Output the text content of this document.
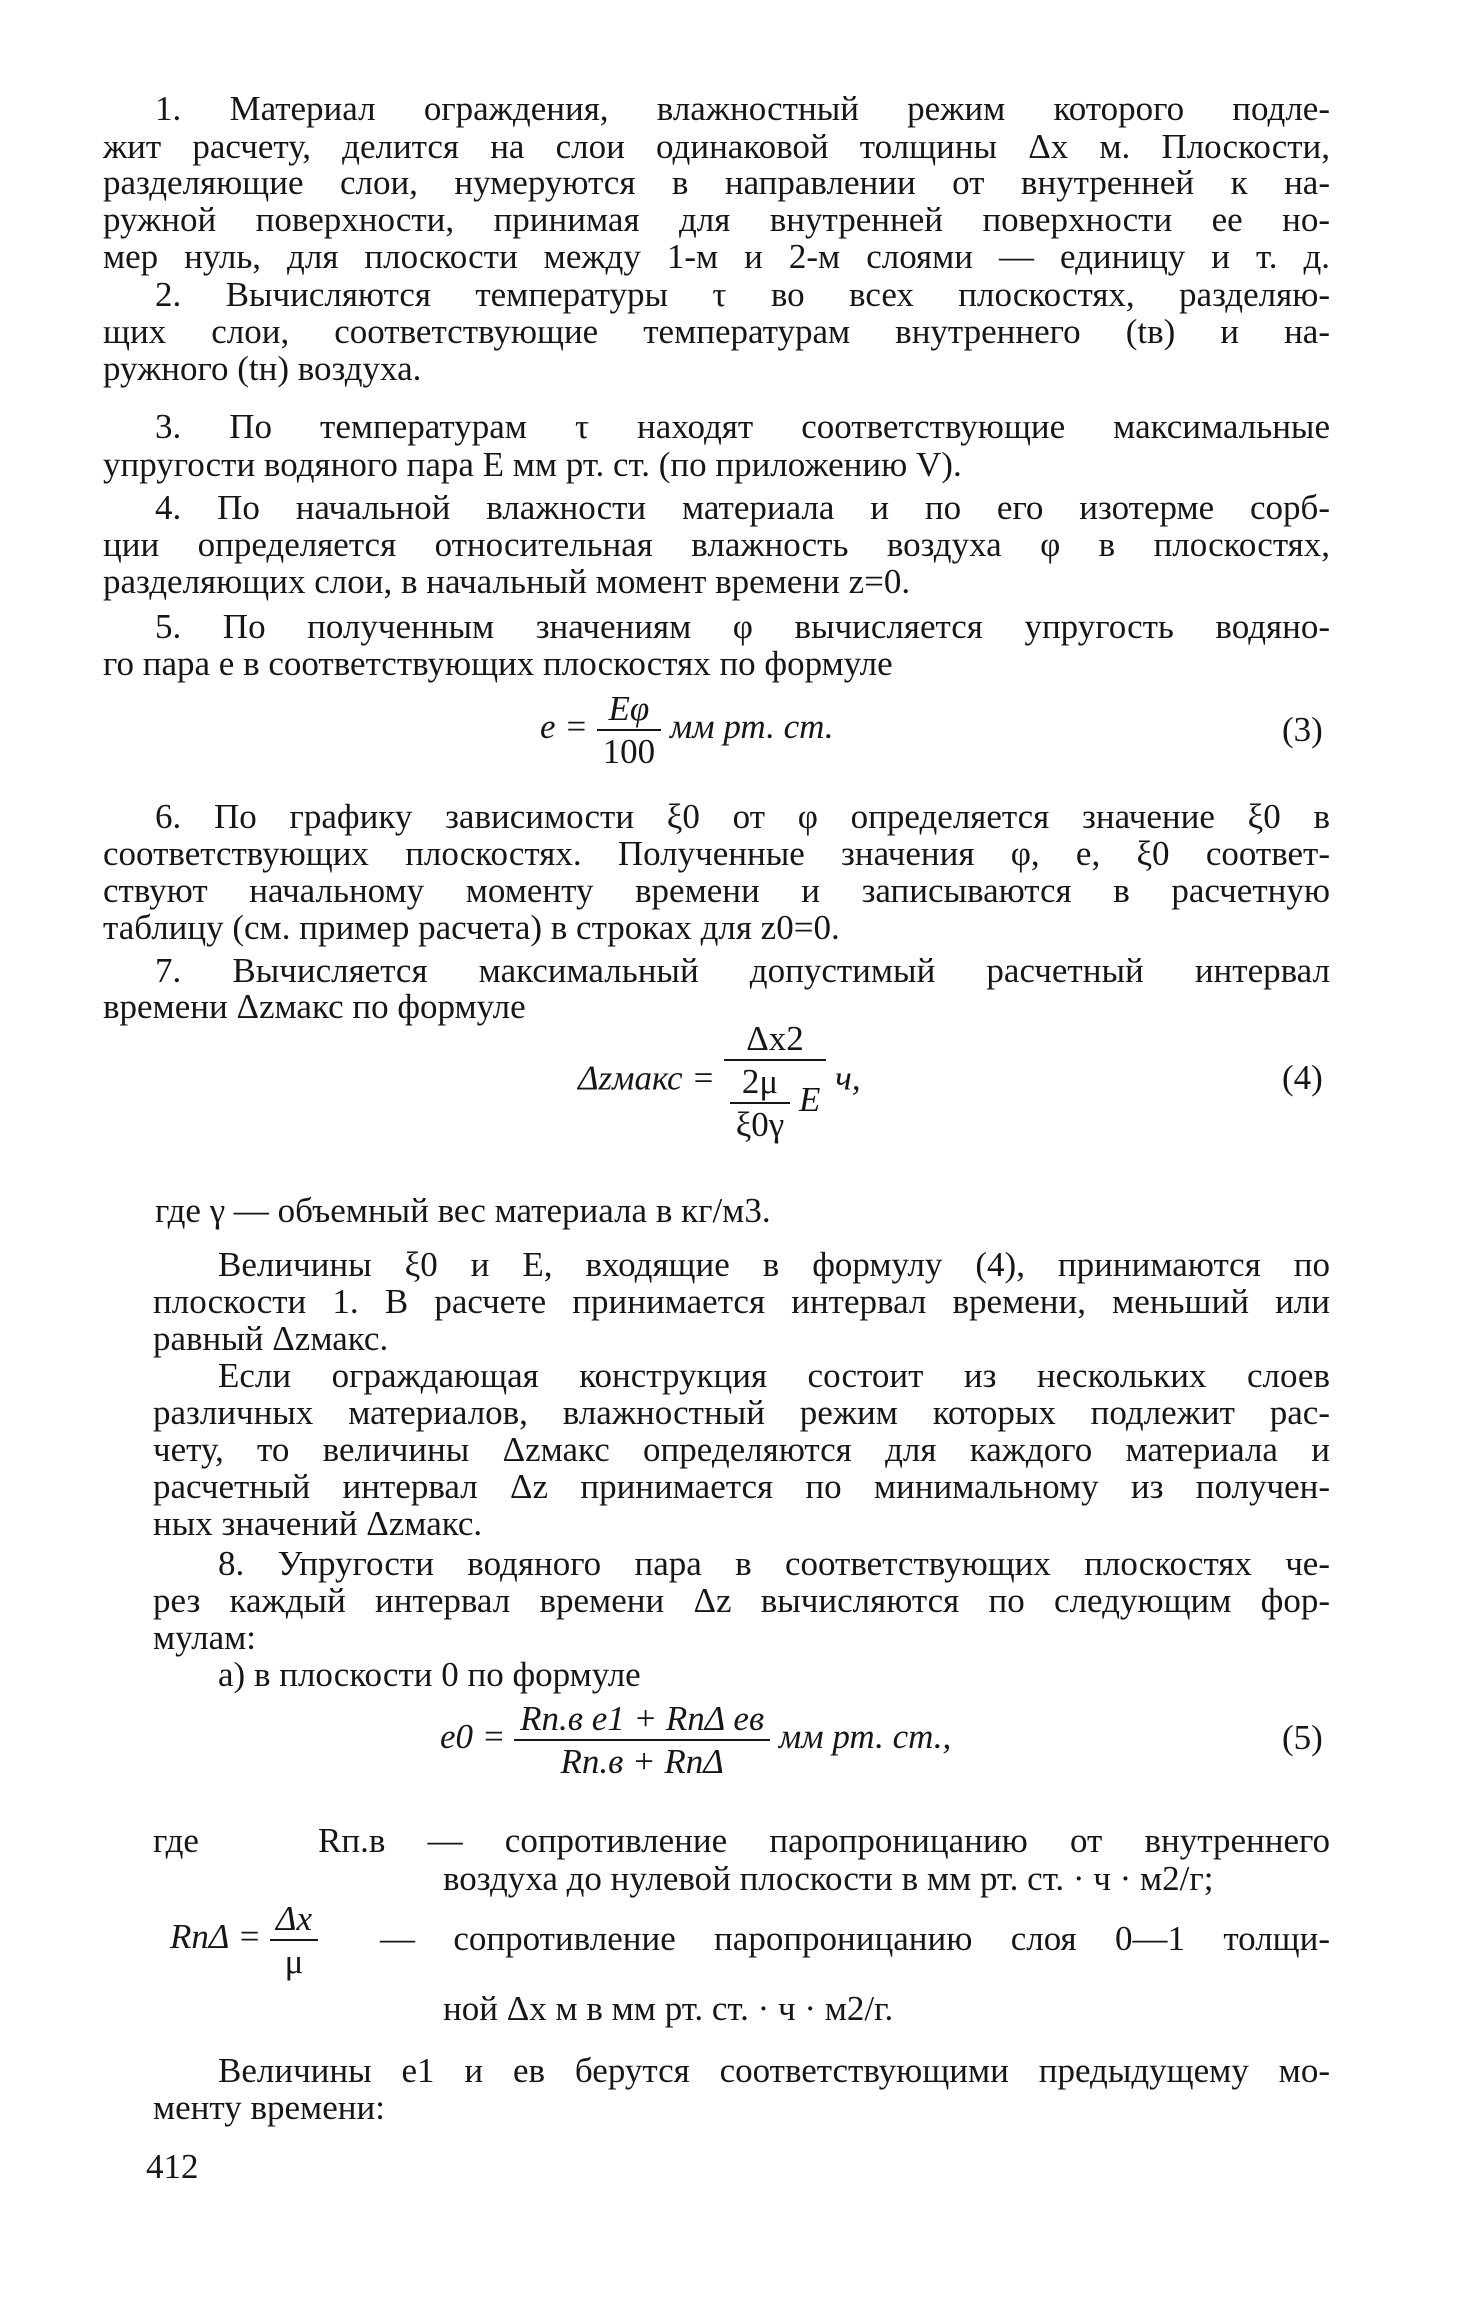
1. Материал ограждения, влажностный режим которого подле-
жит расчету, делится на слои одинаковой толщины Δx м. Плоскости,
разделяющие слои, нумеруются в направлении от внутренней к на-
ружной поверхности, принимая для внутренней поверхности ее но-
мер нуль, для плоскости между 1-м и 2-м слоями — единицу и т. д.
2. Вычисляются температуры τ во всех плоскостях, разделяю-
щих слои, соответствующие температурам внутреннего (tв) и на-
ружного (tн) воздуха.
3. По температурам τ находят соответствующие максимальные
упругости водяного пара E мм рт. ст. (по приложению V).
4. По начальной влажности материала и по его изотерме сорб-
ции определяется относительная влажность воздуха φ в плоскостях,
разделяющих слои, в начальный момент времени z=0.
5. По полученным значениям φ вычисляется упругость водяно-
го пара e в соответствующих плоскостях по формуле
$e = \frac{E\varphi}{100}$ мм рт. ст.	(3)
6. По графику зависимости ξ0 от φ определяется значение ξ0 в
соответствующих плоскостях. Полученные значения φ, e, ξ0 соответ-
ствуют начальному моменту времени и записываются в расчетную
таблицу (см. пример расчета) в строках для z0=0.
7. Вычисляется максимальный допустимый расчетный интервал
времени Δzмакс по формуле
Δzмакс = $\frac{\Delta x2}{\frac{2\mu}{\xi 0\gamma} E} ч$,	(4)
где γ — объемный вес материала в кг/м3.
Величины ξ0 и E, входящие в формулу (4), принимаются по
плоскости 1. В расчете принимается интервал времени, меньший или
равный Δzмакс.
Если ограждающая конструкция состоит из нескольких слоев
различных материалов, влажностный режим которых подлежит рас-
чету, то величины Δzмакс определяются для каждого материала и
расчетный интервал Δz принимается по минимальному из получен-
ных значений Δzмакс.
8. Упругости водяного пара в соответствующих плоскостях че-
рез каждый интервал времени Δz вычисляются по следующим фор-
мулам:
а) в плоскости 0 по формуле
$e0 = \frac{\text{Rп.в e1 + RпΔ eв}}{\text{Rп.в + RпΔ}}$ мм рт. ст.,	(5)
где	Rп.в — сопротивление паропроницанию от внутреннего
воздуха до нулевой плоскости в мм рт. ст. · ч · м2/г;
$Rп\Delta = \frac{\Delta x}{\mu}$ — сопротивление паропроницанию слоя 0—1 толщи-
ной Δx м в мм рт. ст. · ч · м2/г.
Величины e1 и eв берутся соответствующими предыдущему мо-
менту времени:
412
